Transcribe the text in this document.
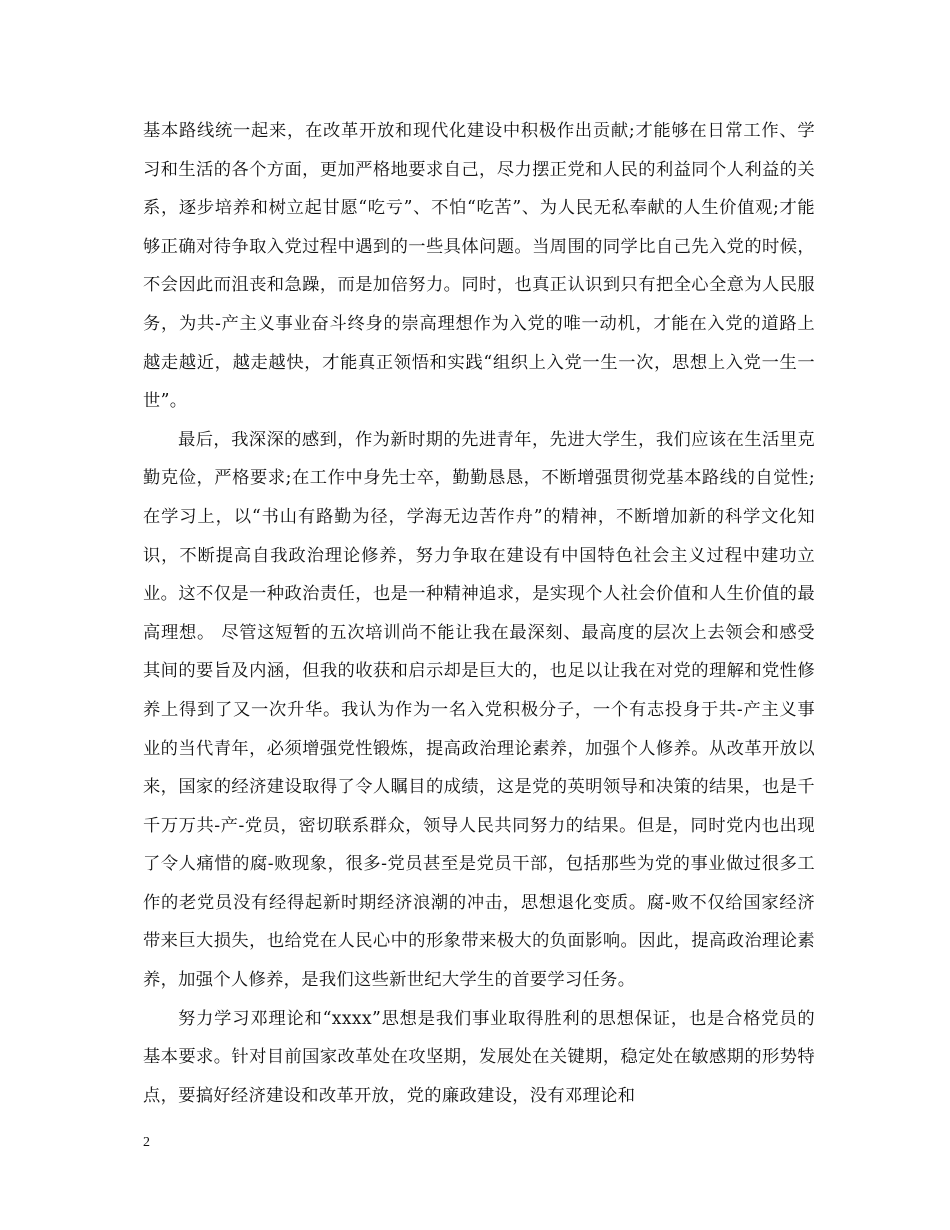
基本路线统一起来，在改革开放和现代化建设中积极作出贡献;才能够在日常工作、学习和生活的各个方面，更加严格地要求自己，尽力摆正党和人民的利益同个人利益的关系，逐步培养和树立起甘愿“吃亏”、不怕“吃苦”、为人民无私奉献的人生价值观;才能够正确对待争取入党过程中遇到的一些具体问题。当周围的同学比自己先入党的时候，不会因此而沮丧和急躁，而是加倍努力。同时，也真正认识到只有把全心全意为人民服务，为共-产主义事业奋斗终身的崇高理想作为入党的唯一动机，才能在入党的道路上越走越近，越走越快，才能真正领悟和实践“组织上入党一生一次，思想上入党一生一世”。

最后，我深深的感到，作为新时期的先进青年，先进大学生，我们应该在生活里克勤克俭，严格要求;在工作中身先士卒，勤勤恳恳，不断增强贯彻党基本路线的自觉性;在学习上，以“书山有路勤为径，学海无边苦作舟”的精神，不断增加新的科学文化知识，不断提高自我政治理论修养，努力争取在建设有中国特色社会主义过程中建功立业。这不仅是一种政治责任，也是一种精神追求，是实现个人社会价值和人生价值的最高理想。 尽管这短暂的五次培训尚不能让我在最深刻、最高度的层次上去领会和感受其间的要旨及内涵，但我的收获和启示却是巨大的，也足以让我在对党的理解和党性修养上得到了又一次升华。我认为作为一名入党积极分子，一个有志投身于共-产主义事业的当代青年，必须增强党性锻炼，提高政治理论素养，加强个人修养。从改革开放以来，国家的经济建设取得了令人瞩目的成绩，这是党的英明领导和决策的结果，也是千千万万共-产-党员，密切联系群众，领导人民共同努力的结果。但是，同时党内也出现了令人痛惜的腐-败现象，很多-党员甚至是党员干部，包括那些为党的事业做过很多工作的老党员没有经得起新时期经济浪潮的冲击，思想退化变质。腐-败不仅给国家经济带来巨大损失，也给党在人民心中的形象带来极大的负面影响。因此，提高政治理论素养，加强个人修养，是我们这些新世纪大学生的首要学习任务。

努力学习邓理论和“xxxx”思想是我们事业取得胜利的思想保证，也是合格党员的基本要求。针对目前国家改革处在攻坚期，发展处在关键期，稳定处在敏感期的形势特点，要搞好经济建设和改革开放，党的廉政建设，没有邓理论和

2
